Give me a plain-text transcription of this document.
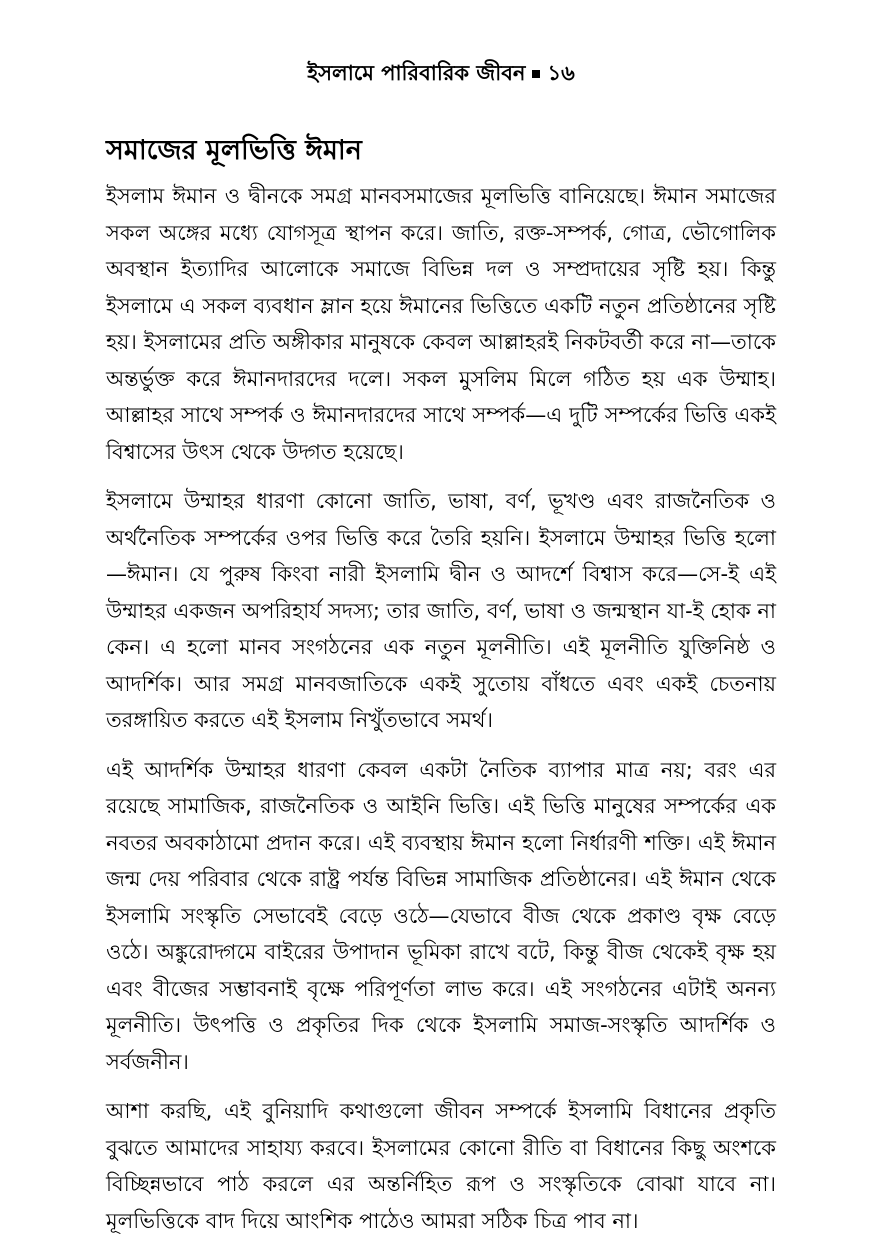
ইসলামে পারিবারিক জীবন ১৬
সমাজের মূলভিত্তি ঈমান

ইসলাম ঈমান ও দ্বীনকে সমগ্র মানবসমাজের মূলভিত্তি বানিয়েছে। ঈমান সমাজের সকল অঙ্গের মধ্যে যোগসূত্র স্থাপন করে। জাতি, রক্ত-সম্পর্ক, গোত্র, ভৌগোলিক অবস্থান ইত্যাদির আলোকে সমাজে বিভিন্ন দল ও সম্প্রদায়ের সৃষ্টি হয়। কিন্তু ইসলামে এ সকল ব্যবধান ম্লান হয়ে ঈমানের ভিত্তিতে একটি নতুন প্রতিষ্ঠানের সৃষ্টি হয়। ইসলামের প্রতি অঙ্গীকার মানুষকে কেবল আল্লাহরই নিকটবর্তী করে না—তাকে অন্তর্ভুক্ত করে ঈমানদারদের দলে। সকল মুসলিম মিলে গঠিত হয় এক উম্মাহ। আল্লাহর সাথে সম্পর্ক ও ঈমানদারদের সাথে সম্পর্ক—এ দুটি সম্পর্কের ভিত্তি একই বিশ্বাসের উৎস থেকে উদ্গত হয়েছে।

ইসলামে উম্মাহর ধারণা কোনো জাতি, ভাষা, বর্ণ, ভূখণ্ড এবং রাজনৈতিক ও অর্থনৈতিক সম্পর্কের ওপর ভিত্তি করে তৈরি হয়নি। ইসলামে উম্মাহর ভিত্তি হলো—ঈমান। যে পুরুষ কিংবা নারী ইসলামি দ্বীন ও আদর্শে বিশ্বাস করে—সে-ই এই উম্মাহর একজন অপরিহার্য সদস্য; তার জাতি, বর্ণ, ভাষা ও জন্মস্থান যা-ই হোক না কেন। এ হলো মানব সংগঠনের এক নতুন মূলনীতি। এই মূলনীতি যুক্তিনিষ্ঠ ও আদর্শিক। আর সমগ্র মানবজাতিকে একই সুতোয় বাঁধতে এবং একই চেতনায় তরঙ্গায়িত করতে এই ইসলাম নিখুঁতভাবে সমর্থ।

এই আদর্শিক উম্মাহর ধারণা কেবল একটা নৈতিক ব্যাপার মাত্র নয়; বরং এর রয়েছে সামাজিক, রাজনৈতিক ও আইনি ভিত্তি। এই ভিত্তি মানুষের সম্পর্কের এক নবতর অবকাঠামো প্রদান করে। এই ব্যবস্থায় ঈমান হলো নির্ধারণী শক্তি। এই ঈমান জন্ম দেয় পরিবার থেকে রাষ্ট্র পর্যন্ত বিভিন্ন সামাজিক প্রতিষ্ঠানের। এই ঈমান থেকে ইসলামি সংস্কৃতি সেভাবেই বেড়ে ওঠে—যেভাবে বীজ থেকে প্রকাণ্ড বৃক্ষ বেড়ে ওঠে। অঙ্কুরোদ্গমে বাইরের উপাদান ভূমিকা রাখে বটে, কিন্তু বীজ থেকেই বৃক্ষ হয় এবং বীজের সম্ভাবনাই বৃক্ষে পরিপূর্ণতা লাভ করে। এই সংগঠনের এটাই অনন্য মূলনীতি। উৎপত্তি ও প্রকৃতির দিক থেকে ইসলামি সমাজ-সংস্কৃতি আদর্শিক ও সর্বজনীন।

আশা করছি, এই বুনিয়াদি কথাগুলো জীবন সম্পর্কে ইসলামি বিধানের প্রকৃতি বুঝতে আমাদের সাহায্য করবে। ইসলামের কোনো রীতি বা বিধানের কিছু অংশকে বিচ্ছিন্নভাবে পাঠ করলে এর অন্তর্নিহিত রূপ ও সংস্কৃতিকে বোঝা যাবে না। মূলভিত্তিকে বাদ দিয়ে আংশিক পাঠেও আমরা সঠিক চিত্র পাব না।
